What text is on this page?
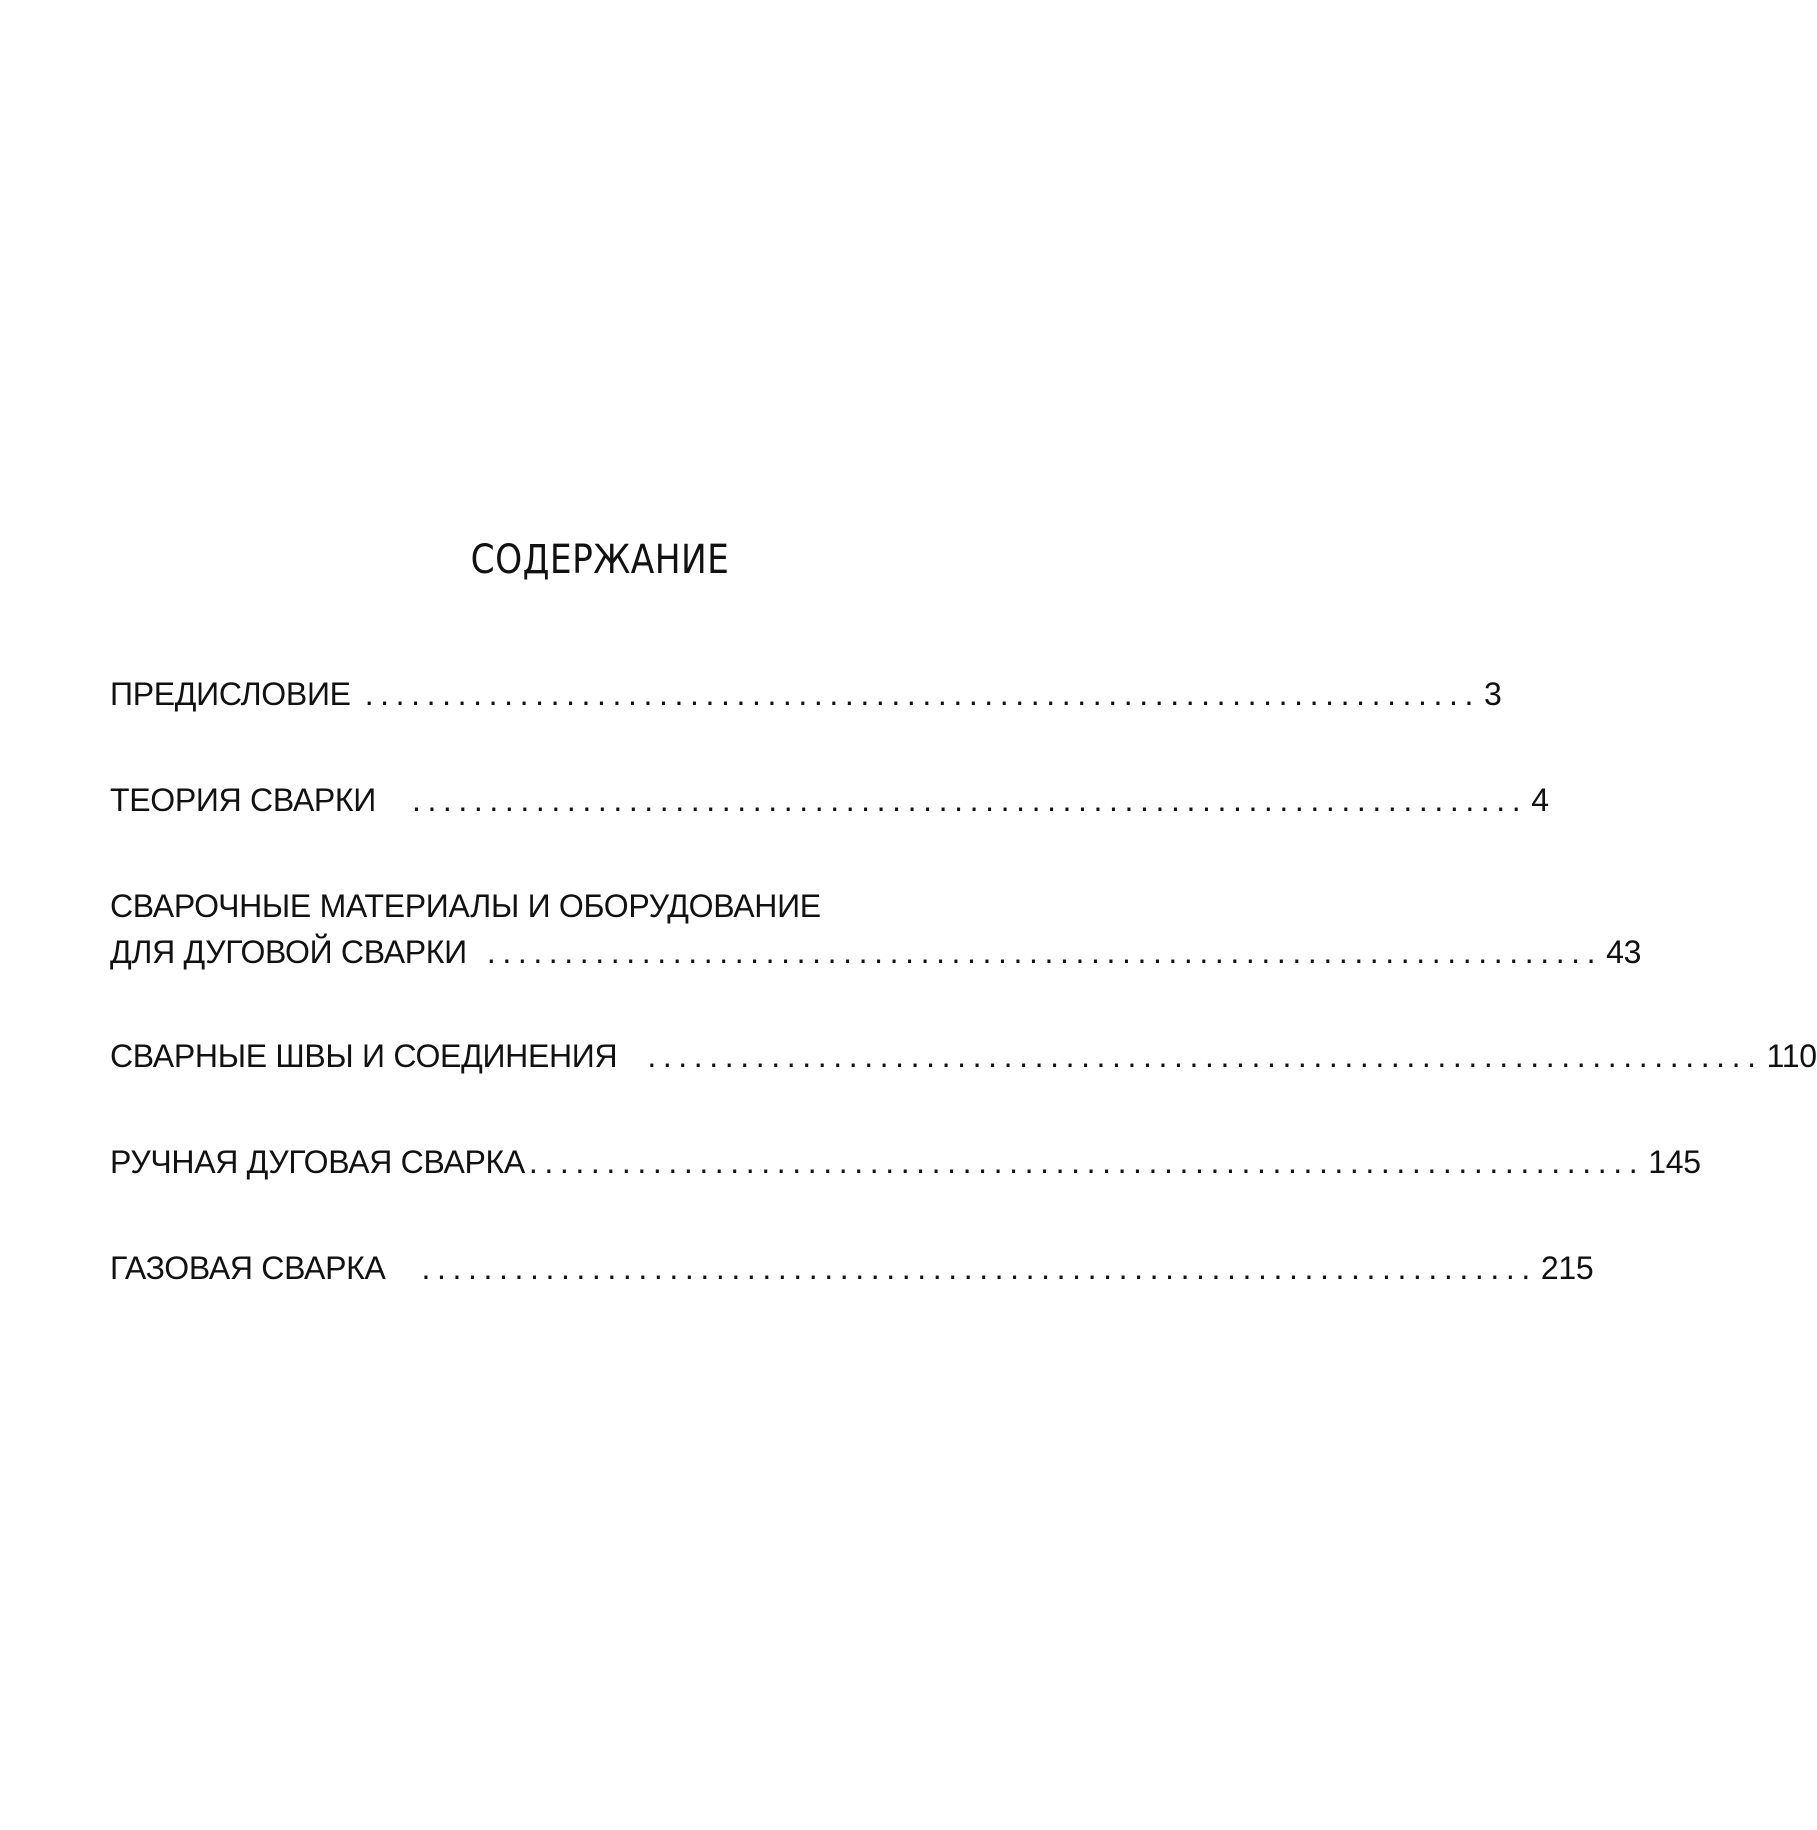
СОДЕРЖАНИЕ
ПРЕДИСЛОВИЕ ........................................................................ 3
ТЕОРИЯ СВАРКИ	........................................................................ 4
СВАРОЧНЫЕ МАТЕРИАЛЫ И ОБОРУДОВАНИЕ
ДЛЯ ДУГОВОЙ СВАРКИ ........................................................................ 43
СВАРНЫЕ ШВЫ И СОЕДИНЕНИЯ ........................................................................ 110
РУЧНАЯ ДУГОВАЯ СВАРКА ........................................................................ 145
ГАЗОВАЯ СВАРКА	........................................................................ 215
